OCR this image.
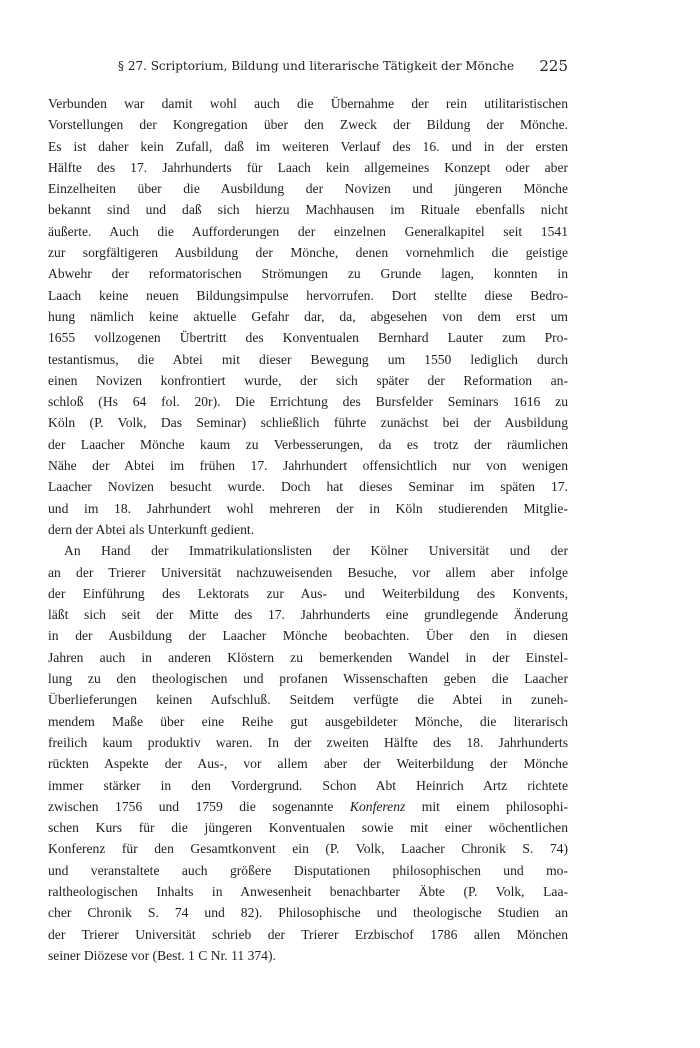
§ 27. Scriptorium, Bildung und literarische Tätigkeit der Mönche 225
Verbunden war damit wohl auch die Übernahme der rein utilitaristischen
Vorstellungen der Kongregation über den Zweck der Bildung der Mönche.
Es ist daher kein Zufall, daß im weiteren Verlauf des 16. und in der ersten
Hälfte des 17. Jahrhunderts für Laach kein allgemeines Konzept oder aber
Einzelheiten über die Ausbildung der Novizen und jüngeren Mönche
bekannt sind und daß sich hierzu Machhausen im Rituale ebenfalls nicht
äußerte. Auch die Aufforderungen der einzelnen Generalkapitel seit 1541
zur sorgfältigeren Ausbildung der Mönche, denen vornehmlich die geistige
Abwehr der reformatorischen Strömungen zu Grunde lagen, konnten in
Laach keine neuen Bildungsimpulse hervorrufen. Dort stellte diese Bedro-
hung nämlich keine aktuelle Gefahr dar, da, abgesehen von dem erst um
1655 vollzogenen Übertritt des Konventualen Bernhard Lauter zum Pro-
testantismus, die Abtei mit dieser Bewegung um 1550 lediglich durch
einen Novizen konfrontiert wurde, der sich später der Reformation an-
schloß (Hs 64 fol. 20r). Die Errichtung des Bursfelder Seminars 1616 zu
Köln (P. Volk, Das Seminar) schließlich führte zunächst bei der Ausbildung
der Laacher Mönche kaum zu Verbesserungen, da es trotz der räumlichen
Nähe der Abtei im frühen 17. Jahrhundert offensichtlich nur von wenigen
Laacher Novizen besucht wurde. Doch hat dieses Seminar im späten 17.
und im 18. Jahrhundert wohl mehreren der in Köln studierenden Mitglie-
dern der Abtei als Unterkunft gedient.
An Hand der Immatrikulationslisten der Kölner Universität und der
an der Trierer Universität nachzuweisenden Besuche, vor allem aber infolge
der Einführung des Lektorats zur Aus- und Weiterbildung des Konvents,
läßt sich seit der Mitte des 17. Jahrhunderts eine grundlegende Änderung
in der Ausbildung der Laacher Mönche beobachten. Über den in diesen
Jahren auch in anderen Klöstern zu bemerkenden Wandel in der Einstel-
lung zu den theologischen und profanen Wissenschaften geben die Laacher
Überlieferungen keinen Aufschluß. Seitdem verfügte die Abtei in zuneh-
mendem Maße über eine Reihe gut ausgebildeter Mönche, die literarisch
freilich kaum produktiv waren. In der zweiten Hälfte des 18. Jahrhunderts
rückten Aspekte der Aus-, vor allem aber der Weiterbildung der Mönche
immer stärker in den Vordergrund. Schon Abt Heinrich Artz richtete
zwischen 1756 und 1759 die sogenannte Konferenz mit einem philosophi-
schen Kurs für die jüngeren Konventualen sowie mit einer wöchentlichen
Konferenz für den Gesamtkonvent ein (P. Volk, Laacher Chronik S. 74)
und veranstaltete auch größere Disputationen philosophischen und mo-
raltheologischen Inhalts in Anwesenheit benachbarter Äbte (P. Volk, Laa-
cher Chronik S. 74 und 82). Philosophische und theologische Studien an
der Trierer Universität schrieb der Trierer Erzbischof 1786 allen Mönchen
seiner Diözese vor (Best. 1 C Nr. 11 374).
